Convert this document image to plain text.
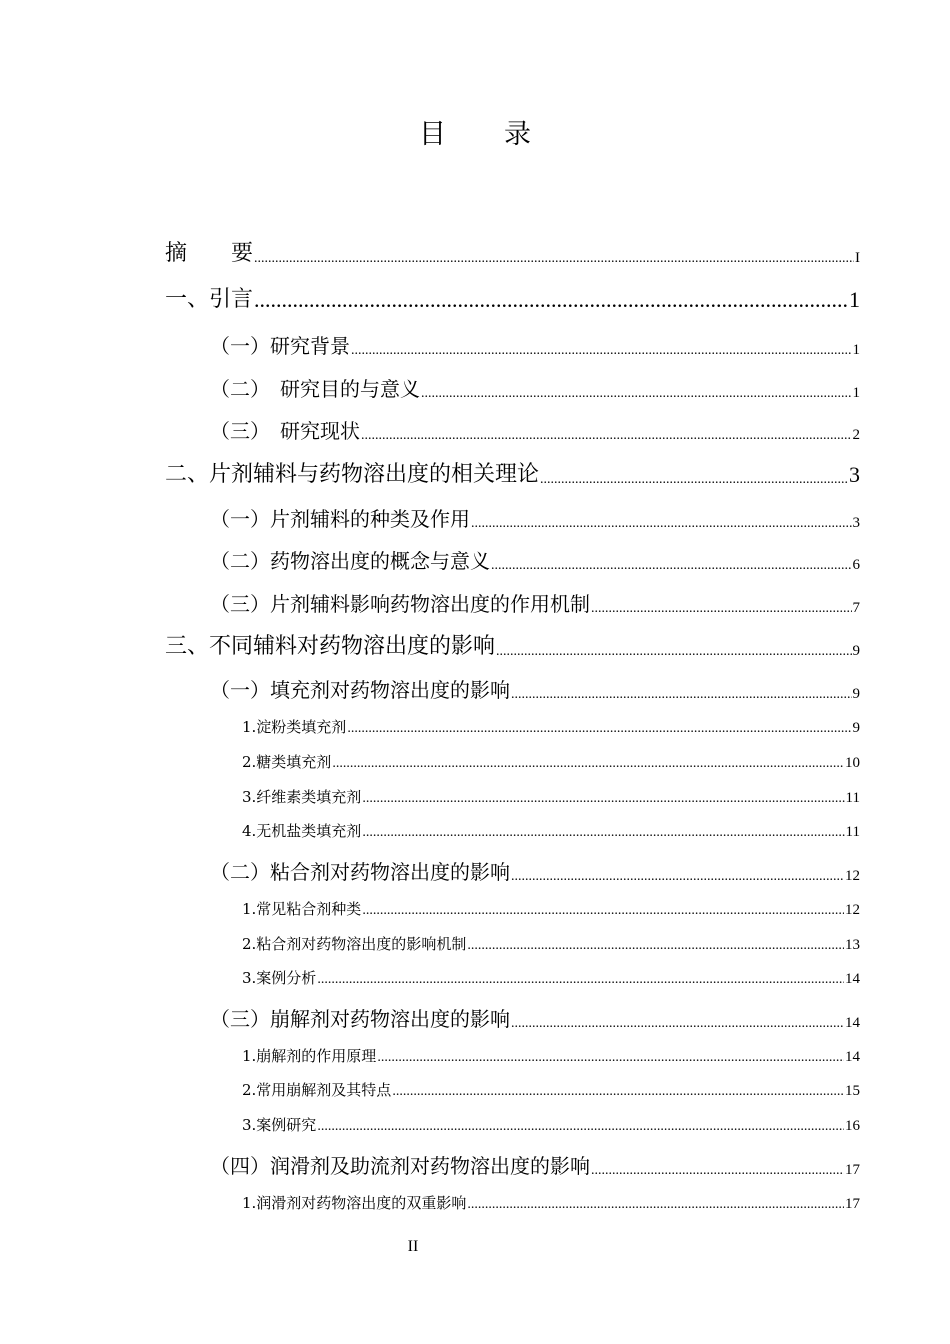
目 录
摘　　要 .....	I
一、引言 .....	1
（一）研究背景 .....	1
（二）　研究目的与意义 .....	1
（三）　研究现状 .....	2
二、片剂辅料与药物溶出度的相关理论 .....	3
（一）片剂辅料的种类及作用 .....	3
（二）药物溶出度的概念与意义 .....	6
（三）片剂辅料影响药物溶出度的作用机制 .....	7
三、不同辅料对药物溶出度的影响 .....	9
（一）填充剂对药物溶出度的影响 .....	9
1.淀粉类填充剂 .....	9
2.糖类填充剂 .....	10
3.纤维素类填充剂 .....	11
4.无机盐类填充剂 .....	11
（二）粘合剂对药物溶出度的影响 .....	12
1.常见粘合剂种类 .....	12
2.粘合剂对药物溶出度的影响机制 .....	13
3.案例分析 .....	14
（三）崩解剂对药物溶出度的影响 .....	14
1.崩解剂的作用原理 .....	14
2.常用崩解剂及其特点 .....	15
3.案例研究 .....	16
（四）润滑剂及助流剂对药物溶出度的影响 .....	17
1.润滑剂对药物溶出度的双重影响 .....	17
II
